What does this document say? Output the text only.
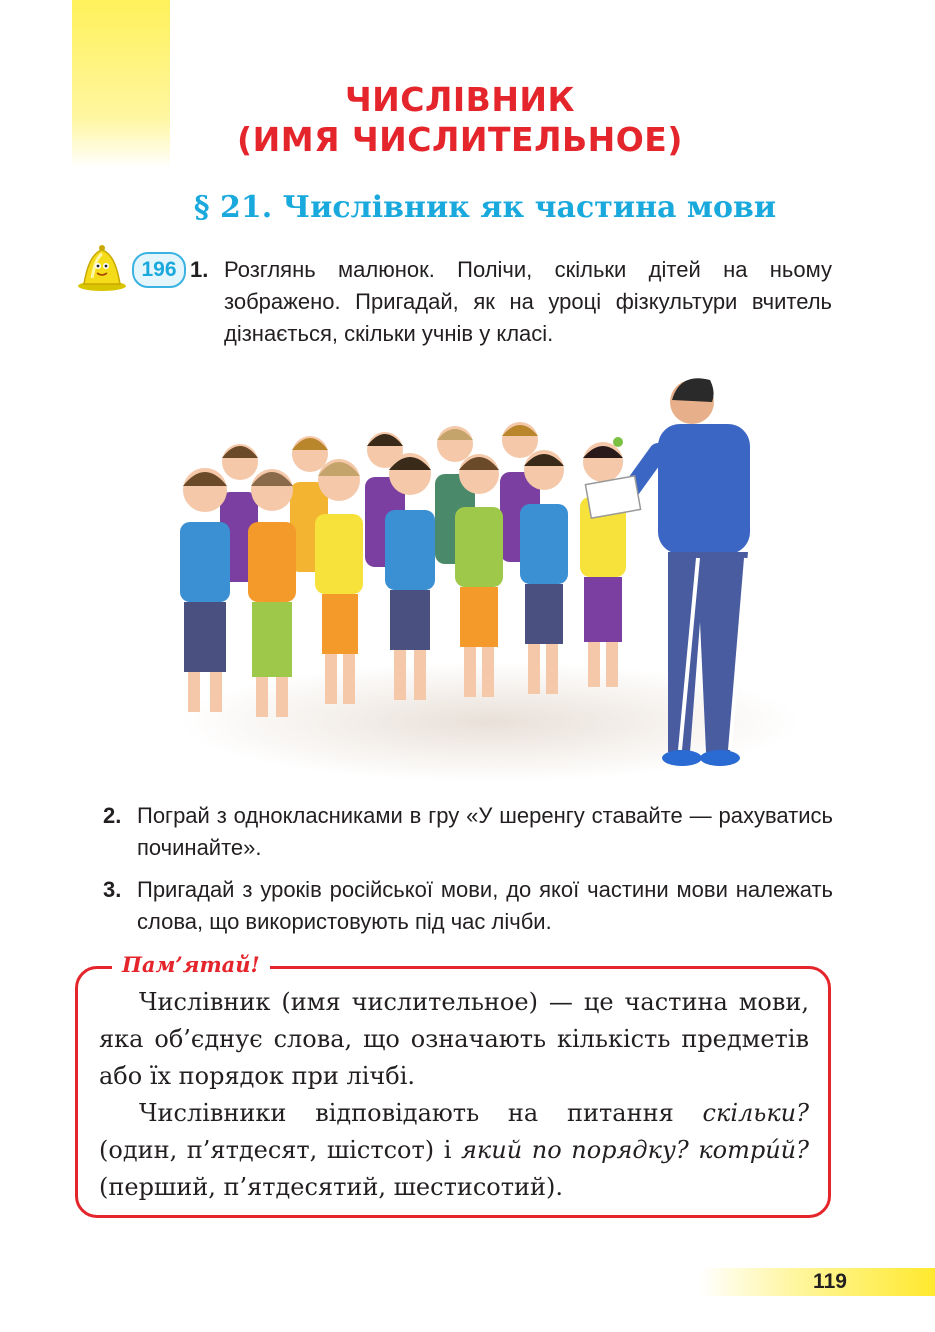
ЧИСЛІВНИК
(ИМЯ ЧИСЛИТЕЛЬНОЕ)
§ 21. Числівник як частина мови
196 1. Розглянь малюнок. Полічи, скільки дітей на ньому зображено. Пригадай, як на уроці фізкультури вчитель дізнається, скільки учнів у класі.
2. Пограй з однокласниками в гру «У шеренгу ставайте — рахуватись починайте».
3. Пригадай з уроків російської мови, до якої частини мови належать слова, що використовують під час лічби.
Пам’ятай!

Числівник (имя числительное) — це частина мови, яка об’єднує слова, що означають кількість предметів або їх порядок при лічбі.

Числівники відповідають на питання скільки? (один, п’ятдесят, шістсот) і який по порядку? котрúй? (перший, п’ятдесятий, шестисотий).

119
